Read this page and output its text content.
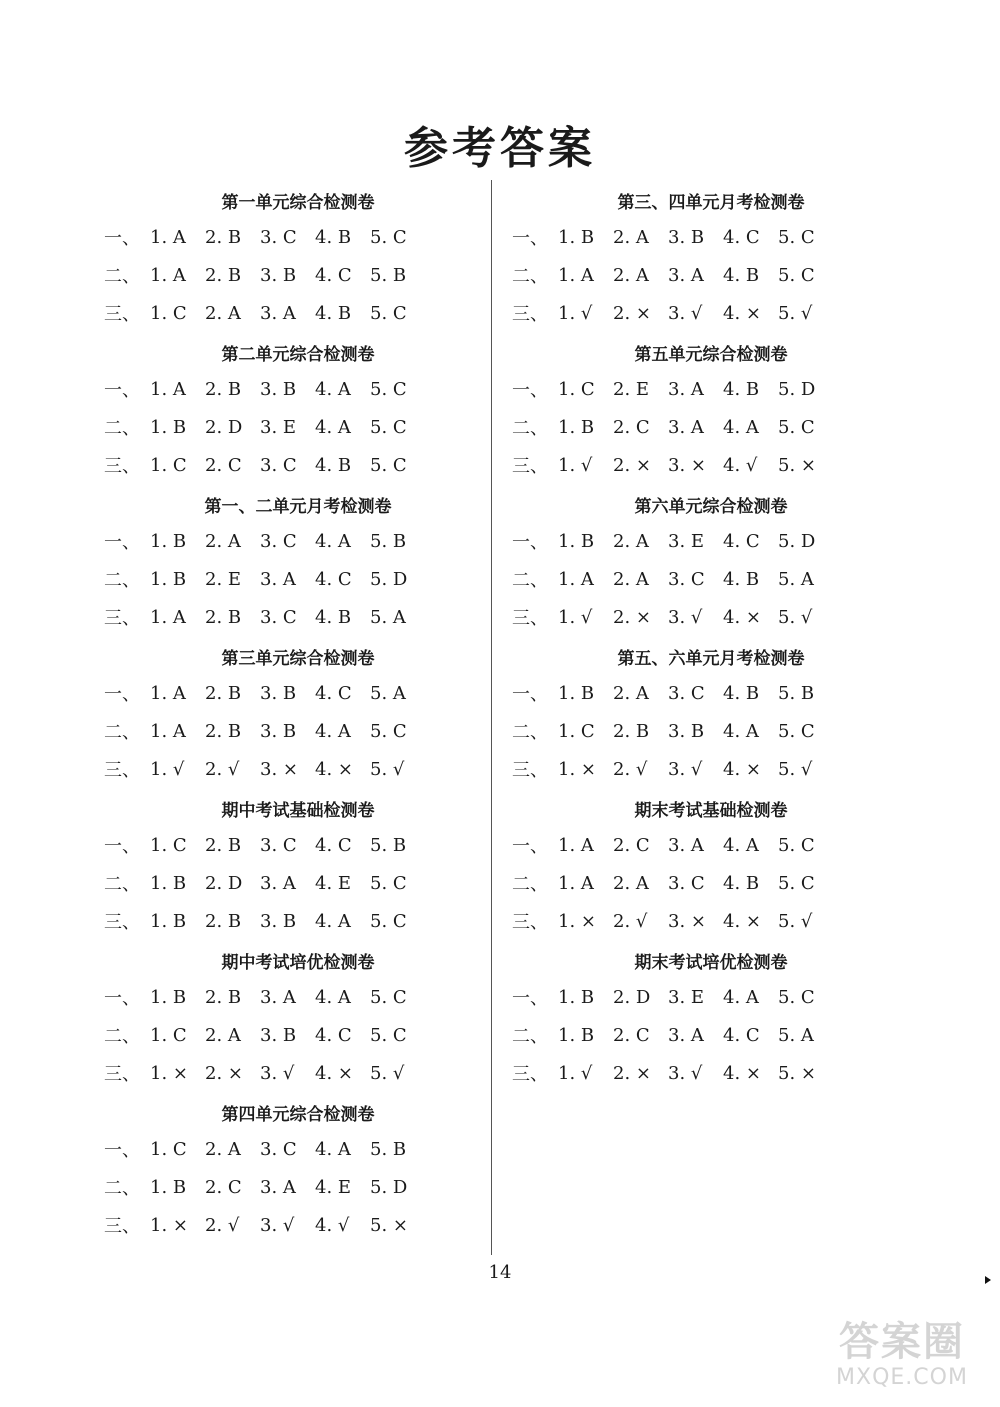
参考答案
第一单元综合检测卷
一、 1. A	2. B	3. C	4. B	5. C
二、 1. A	2. B	3. B	4. C	5. B
三、 1. C	2. A	3. A	4. B	5. C
第二单元综合检测卷
一、 1. A	2. B	3. B	4. A	5. C
二、 1. B	2. D 3. E	4. A	5. C
三、 1. C	2. C	3. C	4. B	5. C
第一、二单元月考检测卷
一、 1. B	2. A	3. C	4. A	5. B
二、 1. B	2. E	3. A	4. C	5. D
三、 1. A	2. B	3. C	4. B	5. A
第三单元综合检测卷
一、 1. A	2. B	3. B	4. C	5. A
二、 1. A	2. B	3. B	4. A	5. C
三、 1. √	2. √	3. × 4. × 5. √
期中考试基础检测卷
一、 1. C	2. B	3. C	4. C	5. B
二、 1. B	2. D 3. A	4. E	5. C
三、 1. B	2. B	3. B	4. A	5. C
期中考试培优检测卷
一、 1. B	2. B	3. A	4. A	5. C
二、 1. C	2. A	3. B	4. C	5. C
三、 1. × 2. × 3. √	4. × 5. √
第四单元综合检测卷
一、 1. C	2. A	3. C	4. A	5. B
二、 1. B	2. C	3. A	4. E	5. D
三、 1. × 2. √	3. √	4. √	5. ×
第三、四单元月考检测卷
一、 1. B	2. A	3. B	4. C	5. C
二、 1. A	2. A	3. A	4. B	5. C
三、 1. √	2. × 3. √	4. × 5. √
第五单元综合检测卷
一、 1. C	2. E	3. A	4. B	5. D
二、 1. B	2. C	3. A	4. A	5. C
三、 1. √	2. × 3. × 4. √	5. ×
第六单元综合检测卷
一、 1. B	2. A	3. E	4. C	5. D
二、 1. A	2. A	3. C	4. B	5. A
三、 1. √	2. × 3. √	4. × 5. √
第五、六单元月考检测卷
一、 1. B	2. A	3. C	4. B	5. B
二、 1. C	2. B	3. B	4. A	5. C
三、 1. × 2. √	3. √	4. × 5. √
期末考试基础检测卷
一、 1. A	2. C	3. A	4. A	5. C
二、 1. A	2. A	3. C	4. B	5. C
三、 1. × 2. √	3. × 4. × 5. √
期末考试培优检测卷
一、 1. B	2. D 3. E	4. A	5. C
二、 1. B	2. C	3. A	4. C	5. A
三、 1. √	2. × 3. √	4. × 5. ×
14
答案圈
MXQE.COM
